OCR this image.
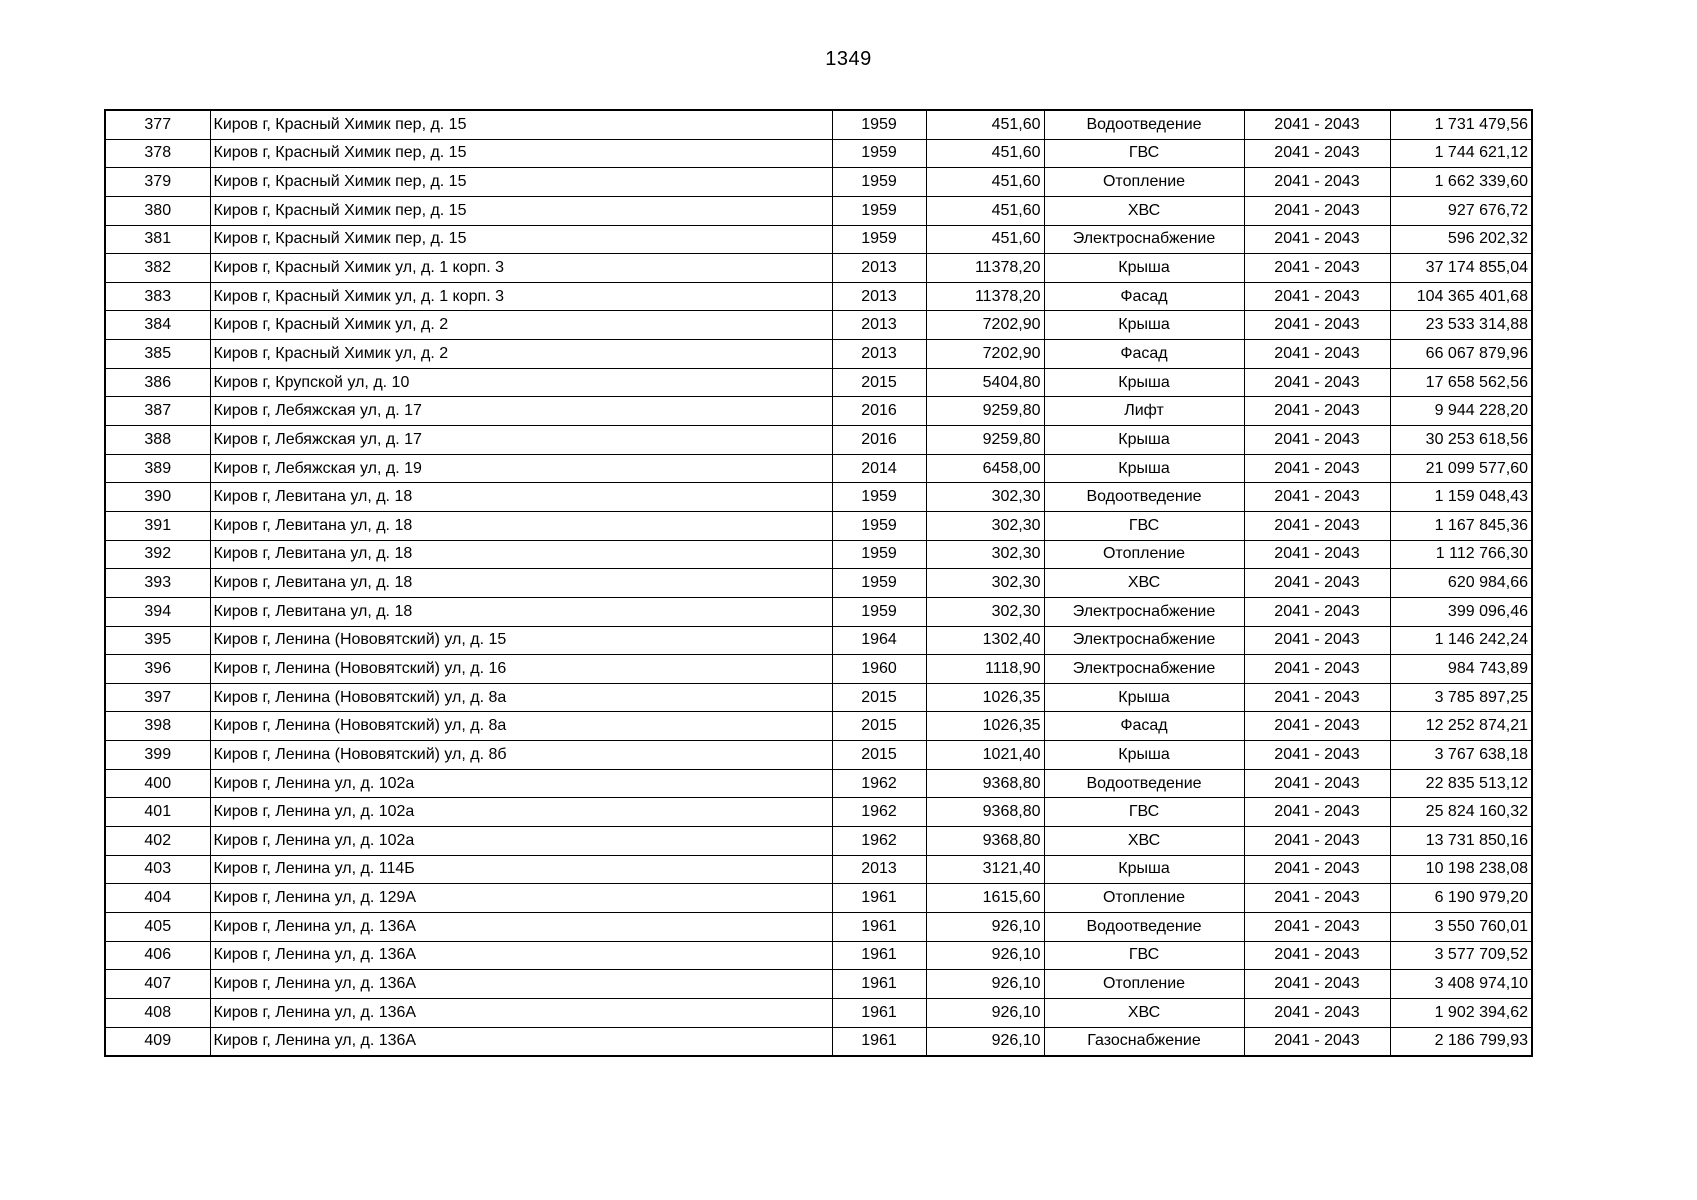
1349
377	Киров г, Красный Химик пер, д. 15	1959	451,60	Водоотведение	2041 - 2043	1 731 479,56
378	Киров г, Красный Химик пер, д. 15	1959	451,60	ГВС	2041 - 2043	1 744 621,12
379	Киров г, Красный Химик пер, д. 15	1959	451,60	Отопление	2041 - 2043	1 662 339,60
380	Киров г, Красный Химик пер, д. 15	1959	451,60	ХВС	2041 - 2043	927 676,72
381	Киров г, Красный Химик пер, д. 15	1959	451,60	Электроснабжение	2041 - 2043	596 202,32
382	Киров г, Красный Химик ул, д. 1 корп. 3	2013	11378,20	Крыша	2041 - 2043	37 174 855,04
383	Киров г, Красный Химик ул, д. 1 корп. 3	2013	11378,20	Фасад	2041 - 2043	104 365 401,68
384	Киров г, Красный Химик ул, д. 2	2013	7202,90	Крыша	2041 - 2043	23 533 314,88
385	Киров г, Красный Химик ул, д. 2	2013	7202,90	Фасад	2041 - 2043	66 067 879,96
386	Киров г, Крупской ул, д. 10	2015	5404,80	Крыша	2041 - 2043	17 658 562,56
387	Киров г, Лебяжская ул, д. 17	2016	9259,80	Лифт	2041 - 2043	9 944 228,20
388	Киров г, Лебяжская ул, д. 17	2016	9259,80	Крыша	2041 - 2043	30 253 618,56
389	Киров г, Лебяжская ул, д. 19	2014	6458,00	Крыша	2041 - 2043	21 099 577,60
390	Киров г, Левитана ул, д. 18	1959	302,30	Водоотведение	2041 - 2043	1 159 048,43
391	Киров г, Левитана ул, д. 18	1959	302,30	ГВС	2041 - 2043	1 167 845,36
392	Киров г, Левитана ул, д. 18	1959	302,30	Отопление	2041 - 2043	1 112 766,30
393	Киров г, Левитана ул, д. 18	1959	302,30	ХВС	2041 - 2043	620 984,66
394	Киров г, Левитана ул, д. 18	1959	302,30	Электроснабжение	2041 - 2043	399 096,46
395	Киров г, Ленина (Нововятский) ул, д. 15	1964	1302,40	Электроснабжение	2041 - 2043	1 146 242,24
396	Киров г, Ленина (Нововятский) ул, д. 16	1960	1118,90	Электроснабжение	2041 - 2043	984 743,89
397	Киров г, Ленина (Нововятский) ул, д. 8а	2015	1026,35	Крыша	2041 - 2043	3 785 897,25
398	Киров г, Ленина (Нововятский) ул, д. 8а	2015	1026,35	Фасад	2041 - 2043	12 252 874,21
399	Киров г, Ленина (Нововятский) ул, д. 8б	2015	1021,40	Крыша	2041 - 2043	3 767 638,18
400	Киров г, Ленина ул, д. 102а	1962	9368,80	Водоотведение	2041 - 2043	22 835 513,12
401	Киров г, Ленина ул, д. 102а	1962	9368,80	ГВС	2041 - 2043	25 824 160,32
402	Киров г, Ленина ул, д. 102а	1962	9368,80	ХВС	2041 - 2043	13 731 850,16
403	Киров г, Ленина ул, д. 114Б	2013	3121,40	Крыша	2041 - 2043	10 198 238,08
404	Киров г, Ленина ул, д. 129А	1961	1615,60	Отопление	2041 - 2043	6 190 979,20
405	Киров г, Ленина ул, д. 136А	1961	926,10	Водоотведение	2041 - 2043	3 550 760,01
406	Киров г, Ленина ул, д. 136А	1961	926,10	ГВС	2041 - 2043	3 577 709,52
407	Киров г, Ленина ул, д. 136А	1961	926,10	Отопление	2041 - 2043	3 408 974,10
408	Киров г, Ленина ул, д. 136А	1961	926,10	ХВС	2041 - 2043	1 902 394,62
409	Киров г, Ленина ул, д. 136А	1961	926,10	Газоснабжение	2041 - 2043	2 186 799,93
